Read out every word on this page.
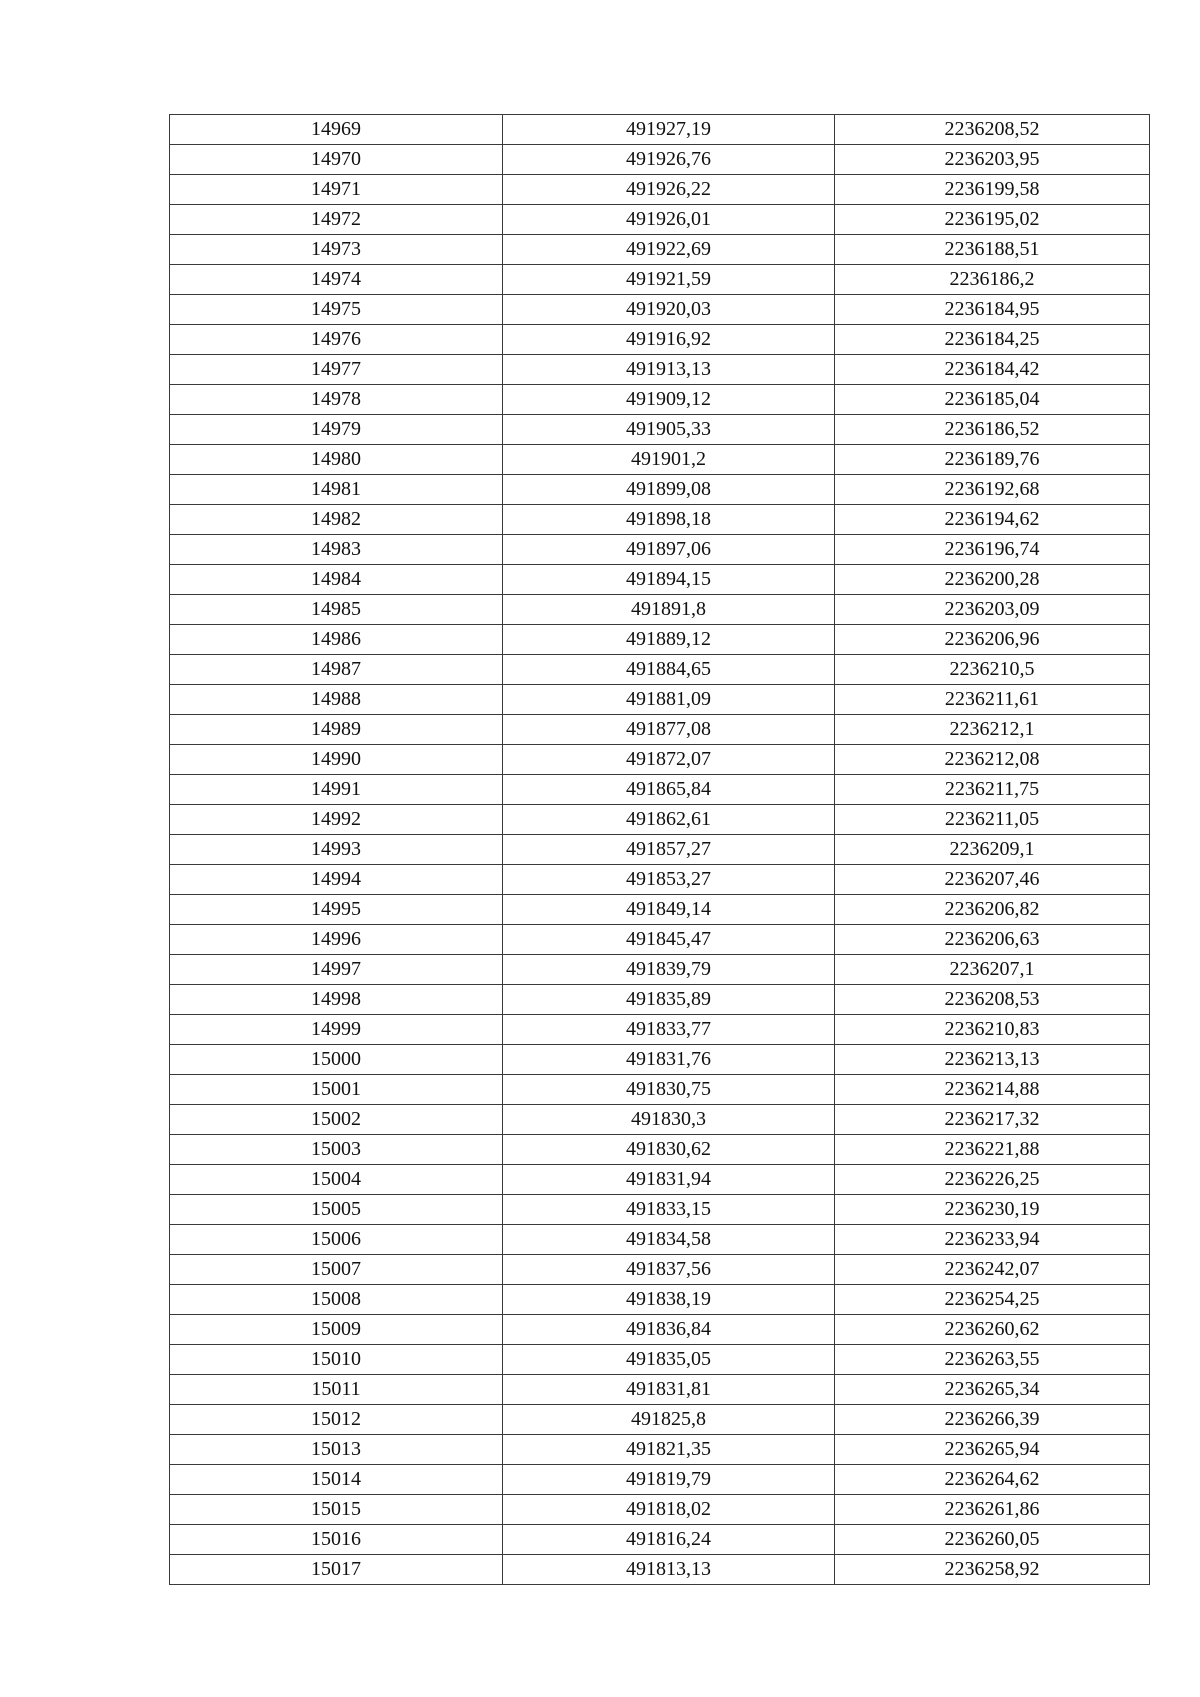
14969	491927,19	2236208,52
14970	491926,76	2236203,95
14971	491926,22	2236199,58
14972	491926,01	2236195,02
14973	491922,69	2236188,51
14974	491921,59	2236186,2
14975	491920,03	2236184,95
14976	491916,92	2236184,25
14977	491913,13	2236184,42
14978	491909,12	2236185,04
14979	491905,33	2236186,52
14980	491901,2	2236189,76
14981	491899,08	2236192,68
14982	491898,18	2236194,62
14983	491897,06	2236196,74
14984	491894,15	2236200,28
14985	491891,8	2236203,09
14986	491889,12	2236206,96
14987	491884,65	2236210,5
14988	491881,09	2236211,61
14989	491877,08	2236212,1
14990	491872,07	2236212,08
14991	491865,84	2236211,75
14992	491862,61	2236211,05
14993	491857,27	2236209,1
14994	491853,27	2236207,46
14995	491849,14	2236206,82
14996	491845,47	2236206,63
14997	491839,79	2236207,1
14998	491835,89	2236208,53
14999	491833,77	2236210,83
15000	491831,76	2236213,13
15001	491830,75	2236214,88
15002	491830,3	2236217,32
15003	491830,62	2236221,88
15004	491831,94	2236226,25
15005	491833,15	2236230,19
15006	491834,58	2236233,94
15007	491837,56	2236242,07
15008	491838,19	2236254,25
15009	491836,84	2236260,62
15010	491835,05	2236263,55
15011	491831,81	2236265,34
15012	491825,8	2236266,39
15013	491821,35	2236265,94
15014	491819,79	2236264,62
15015	491818,02	2236261,86
15016	491816,24	2236260,05
15017	491813,13	2236258,92
